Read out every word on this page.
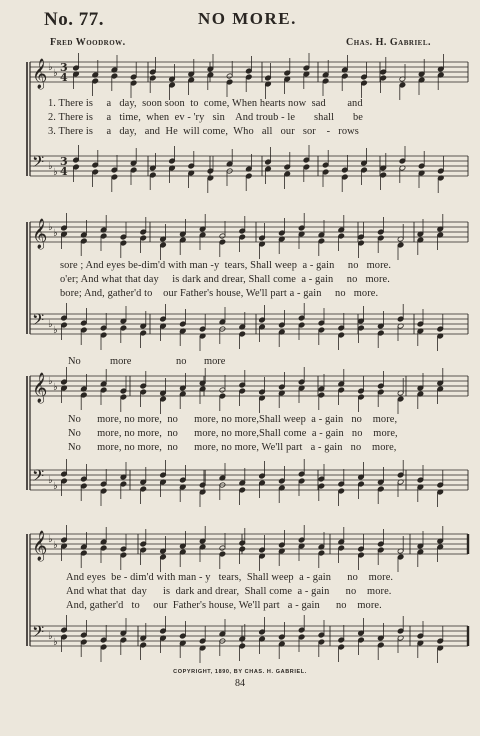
No. 77.	NO MORE.
Fred Woodrow.	Chas. H. Gabriel.
𝄞
𝄢
♭
♭
♭
♭
3
4
3
4
𝄞
𝄢
♭
♭
♭
♭
𝄞
𝄢
♭
♭
♭
♭
𝄞
𝄢
♭
♭
♭
♭
1. There is     a   day,  soon soon  to  come, When hearts now  sad        and
2. There is     a   time,  when  ev - 'ry   sin    And troub - le       shall       be
3. There is     a   day,   and  He  will come,  Who   all   our   sor    -   rows
sore ; And eyes be-dim'd with man -y  tears, Shall weep  a - gain     no   more.
o'er; And what that day     is dark and drear, Shall come  a - gain     no   more.
bore; And, gather'd to    our Father's house, We'll part a - gain     no   more.
No	more	no more
No      more, no more,  no      more, no more,Shall weep  a - gain   no    more,
No      more, no more,  no      more, no more,Shall come  a - gain   no    more,
No      more, no more,  no      more, no more, We'll part   a - gain   no    more,
And eyes  be - dim'd with man - y   tears,  Shall weep  a - gain      no    more.
And what that  day      is  dark and drear,  Shall come  a - gain      no    more.
And, gather'd   to     our  Father's house, We'll part   a - gain      no    more.
COPYRIGHT, 1890, BY CHAS. H. GABRIEL.
84
